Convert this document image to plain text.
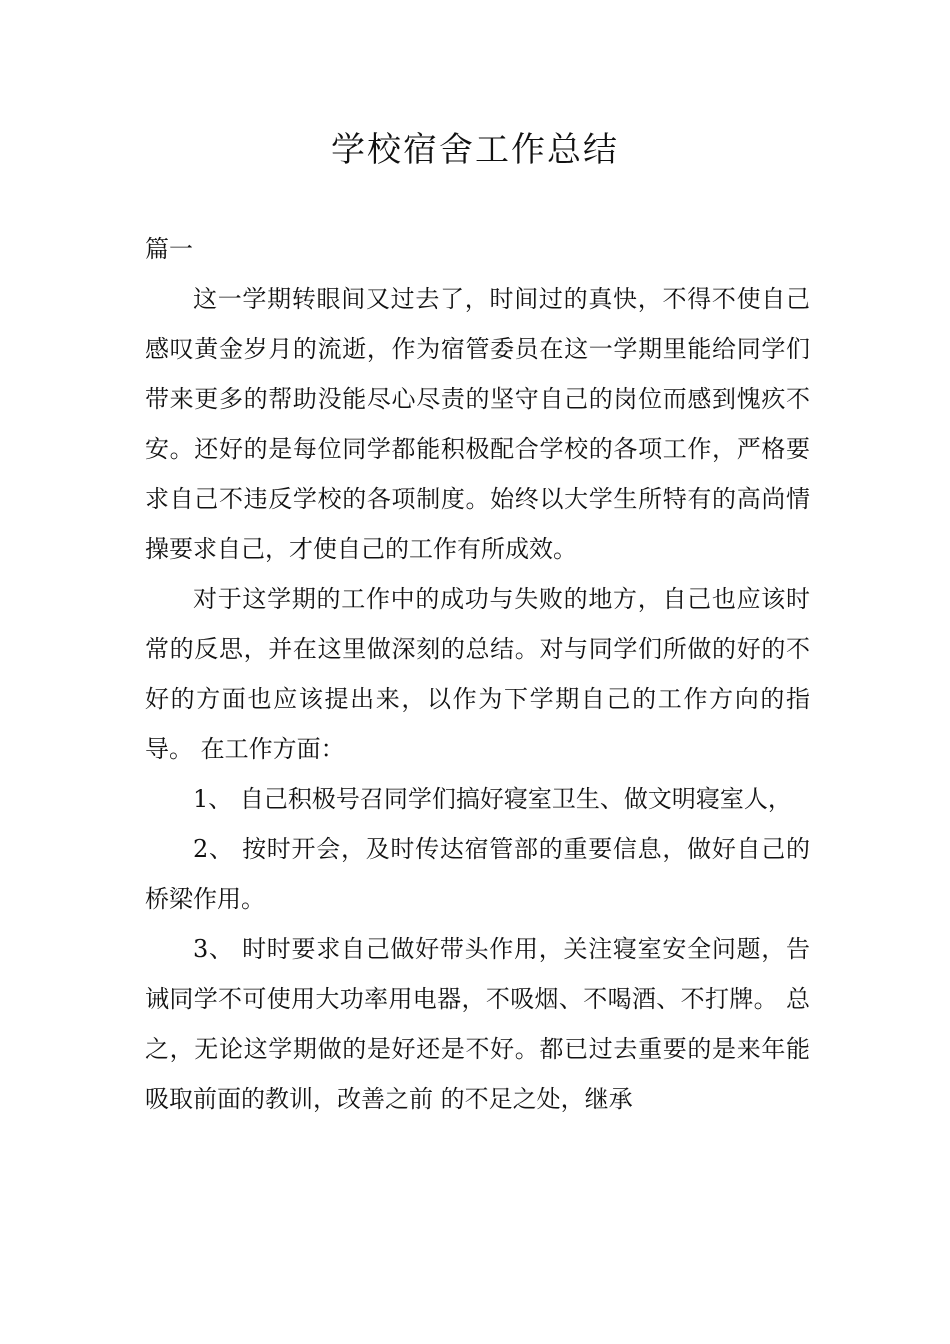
学校宿舍工作总结

篇一

这一学期转眼间又过去了，时间过的真快，不得不使自己感叹黄金岁月的流逝，作为宿管委员在这一学期里能给同学们带来更多的帮助没能尽心尽责的坚守自己的岗位而感到愧疚不安。还好的是每位同学都能积极配合学校的各项工作，严格要求自己不违反学校的各项制度。始终以大学生所特有的高尚情操要求自己，才使自己的工作有所成效。

对于这学期的工作中的成功与失败的地方，自己也应该时常的反思，并在这里做深刻的总结。对与同学们所做的好的不好的方面也应该提出来，以作为下学期自己的工作方向的指导。 在工作方面：

1、 自己积极号召同学们搞好寝室卫生、做文明寝室人，

2、 按时开会，及时传达宿管部的重要信息，做好自己的桥梁作用。

3、 时时要求自己做好带头作用，关注寝室安全问题，告诫同学不可使用大功率用电器，不吸烟、不喝酒、不打牌。 总之，无论这学期做的是好还是不好。都已过去重要的是来年能吸取前面的教训，改善之前 的不足之处，继承
